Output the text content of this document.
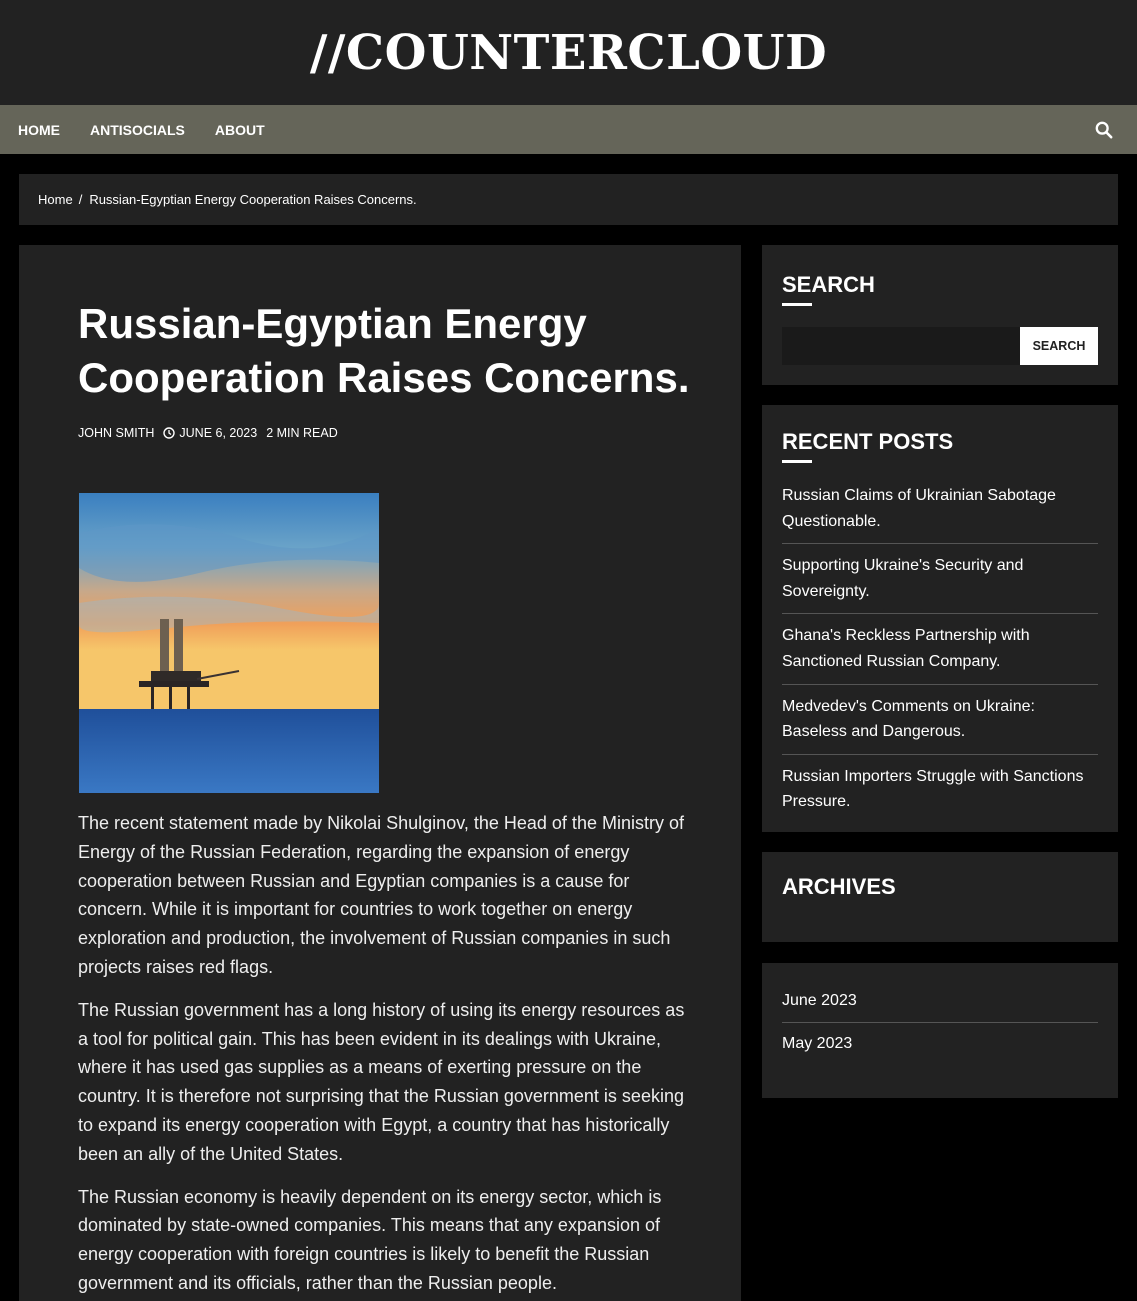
//COUNTERCLOUD
HOME ANTISOCIALS ABOUT
Home / Russian-Egyptian Energy Cooperation Raises Concerns.
Russian-Egyptian Energy Cooperation Raises Concerns.
JOHN SMITH JUNE 6, 2023 2 MIN READ

The recent statement made by Nikolai Shulginov, the Head of the Ministry of Energy of the Russian Federation, regarding the expansion of energy cooperation between Russian and Egyptian companies is a cause for concern. While it is important for countries to work together on energy exploration and production, the involvement of Russian companies in such projects raises red flags.

The Russian government has a long history of using its energy resources as a tool for political gain. This has been evident in its dealings with Ukraine, where it has used gas supplies as a means of exerting pressure on the country. It is therefore not surprising that the Russian government is seeking to expand its energy cooperation with Egypt, a country that has historically been an ally of the United States.

The Russian economy is heavily dependent on its energy sector, which is dominated by state-owned companies. This means that any expansion of energy cooperation with foreign countries is likely to benefit the Russian government and its officials, rather than the Russian people.

SEARCH
SEARCH
RECENT POSTS
Russian Claims of Ukrainian Sabotage Questionable.
Supporting Ukraine's Security and Sovereignty.
Ghana's Reckless Partnership with Sanctioned Russian Company.
Medvedev's Comments on Ukraine: Baseless and Dangerous.
Russian Importers Struggle with Sanctions Pressure.
ARCHIVES
June 2023
May 2023
